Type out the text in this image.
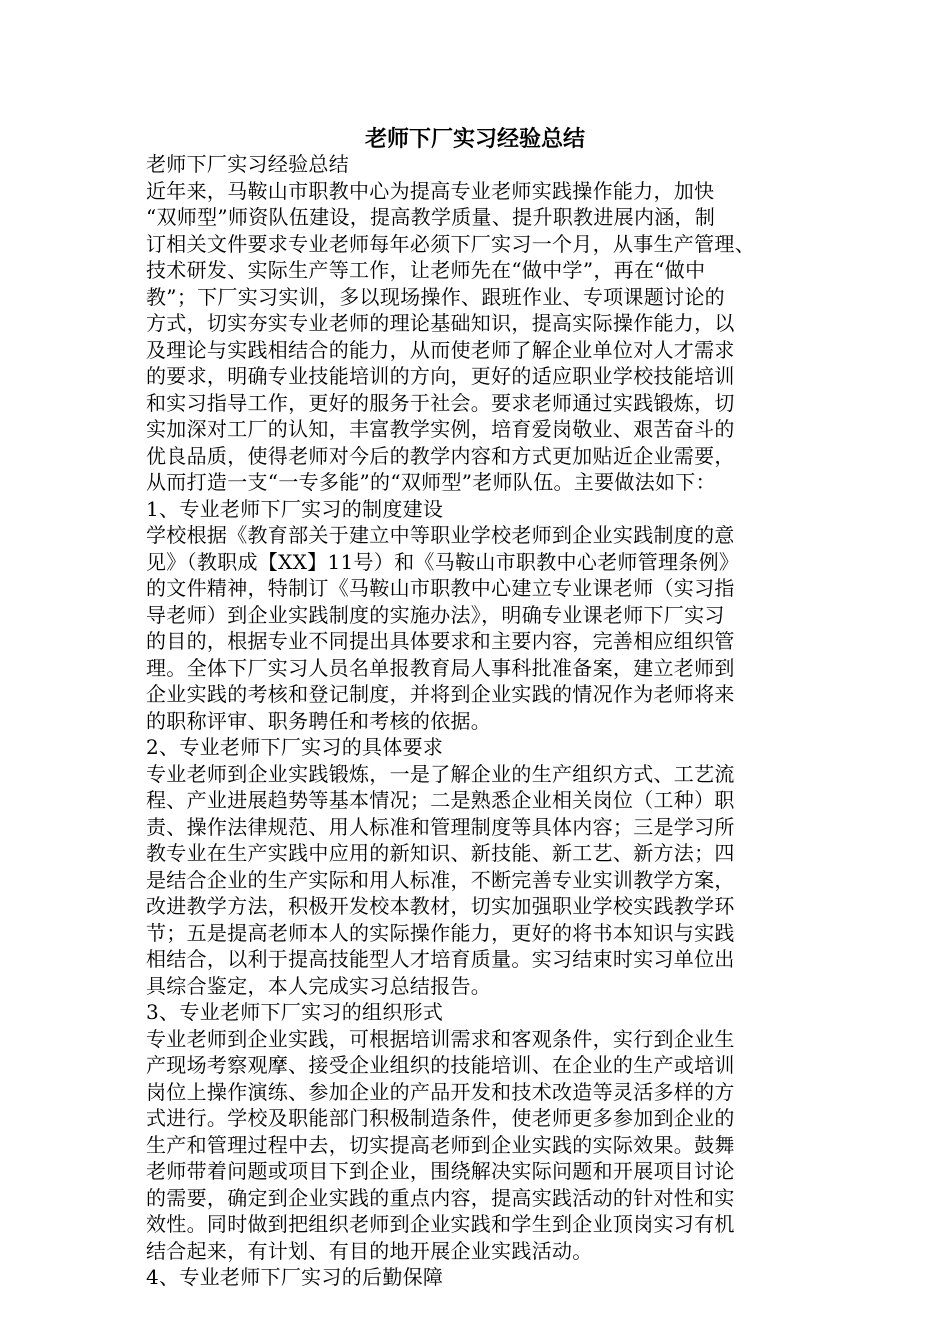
老师下厂实习经验总结
老师下厂实习经验总结
近年来，马鞍山市职教中心为提高专业老师实践操作能力，加快
“双师型”师资队伍建设，提高教学质量、提升职教进展内涵，制
订相关文件要求专业老师每年必须下厂实习一个月，从事生产管理、
技术研发、实际生产等工作，让老师先在“做中学”，再在“做中
教”；下厂实习实训，多以现场操作、跟班作业、专项课题讨论的
方式，切实夯实专业老师的理论基础知识，提高实际操作能力，以
及理论与实践相结合的能力，从而使老师了解企业单位对人才需求
的要求，明确专业技能培训的方向，更好的适应职业学校技能培训
和实习指导工作，更好的服务于社会。要求老师通过实践锻炼，切
实加深对工厂的认知，丰富教学实例，培育爱岗敬业、艰苦奋斗的
优良品质，使得老师对今后的教学内容和方式更加贴近企业需要，
从而打造一支“一专多能”的“双师型”老师队伍。主要做法如下：
1、专业老师下厂实习的制度建设
学校根据《教育部关于建立中等职业学校老师到企业实践制度的意
见》（教职成【XX】11号）和《马鞍山市职教中心老师管理条例》
的文件精神，特制订《马鞍山市职教中心建立专业课老师（实习指
导老师）到企业实践制度的实施办法》，明确专业课老师下厂实习
的目的，根据专业不同提出具体要求和主要内容，完善相应组织管
理。全体下厂实习人员名单报教育局人事科批准备案，建立老师到
企业实践的考核和登记制度，并将到企业实践的情况作为老师将来
的职称评审、职务聘任和考核的依据。
2、专业老师下厂实习的具体要求
专业老师到企业实践锻炼，一是了解企业的生产组织方式、工艺流
程、产业进展趋势等基本情况；二是熟悉企业相关岗位（工种）职
责、操作法律规范、用人标准和管理制度等具体内容；三是学习所
教专业在生产实践中应用的新知识、新技能、新工艺、新方法；四
是结合企业的生产实际和用人标准，不断完善专业实训教学方案，
改进教学方法，积极开发校本教材，切实加强职业学校实践教学环
节；五是提高老师本人的实际操作能力，更好的将书本知识与实践
相结合，以利于提高技能型人才培育质量。实习结束时实习单位出
具综合鉴定，本人完成实习总结报告。
3、专业老师下厂实习的组织形式
专业老师到企业实践，可根据培训需求和客观条件，实行到企业生
产现场考察观摩、接受企业组织的技能培训、在企业的生产或培训
岗位上操作演练、参加企业的产品开发和技术改造等灵活多样的方
式进行。学校及职能部门积极制造条件，使老师更多参加到企业的
生产和管理过程中去，切实提高老师到企业实践的实际效果。鼓舞
老师带着问题或项目下到企业，围绕解决实际问题和开展项目讨论
的需要，确定到企业实践的重点内容，提高实践活动的针对性和实
效性。同时做到把组织老师到企业实践和学生到企业顶岗实习有机
结合起来，有计划、有目的地开展企业实践活动。
4、专业老师下厂实习的后勤保障
